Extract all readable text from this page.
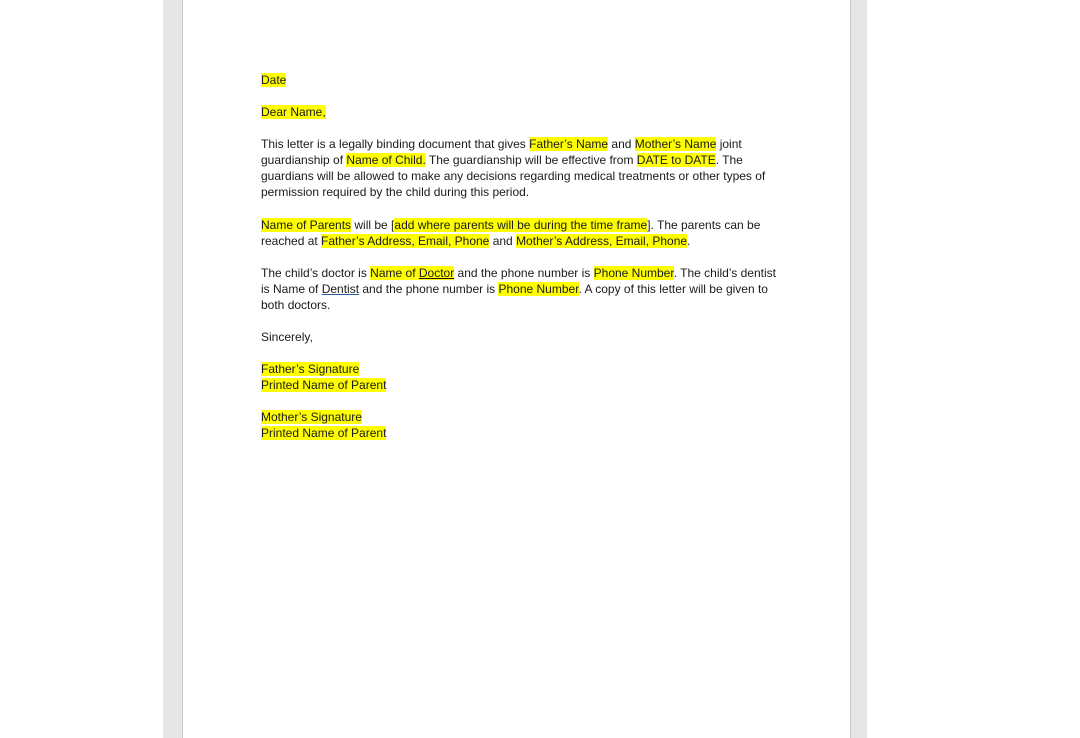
Date

Dear Name,

This letter is a legally binding document that gives Father’s Name and Mother’s Name joint guardianship of Name of Child. The guardianship will be effective from DATE to DATE. The guardians will be allowed to make any decisions regarding medical treatments or other types of permission required by the child during this period.

Name of Parents will be [add where parents will be during the time frame]. The parents can be reached at Father’s Address, Email, Phone and Mother’s Address, Email, Phone.

The child’s doctor is Name of Doctor and the phone number is Phone Number. The child’s dentist is Name of Dentist and the phone number is Phone Number. A copy of this letter will be given to both doctors.

Sincerely,

Father’s Signature
Printed Name of Parent

Mother’s Signature
Printed Name of Parent
